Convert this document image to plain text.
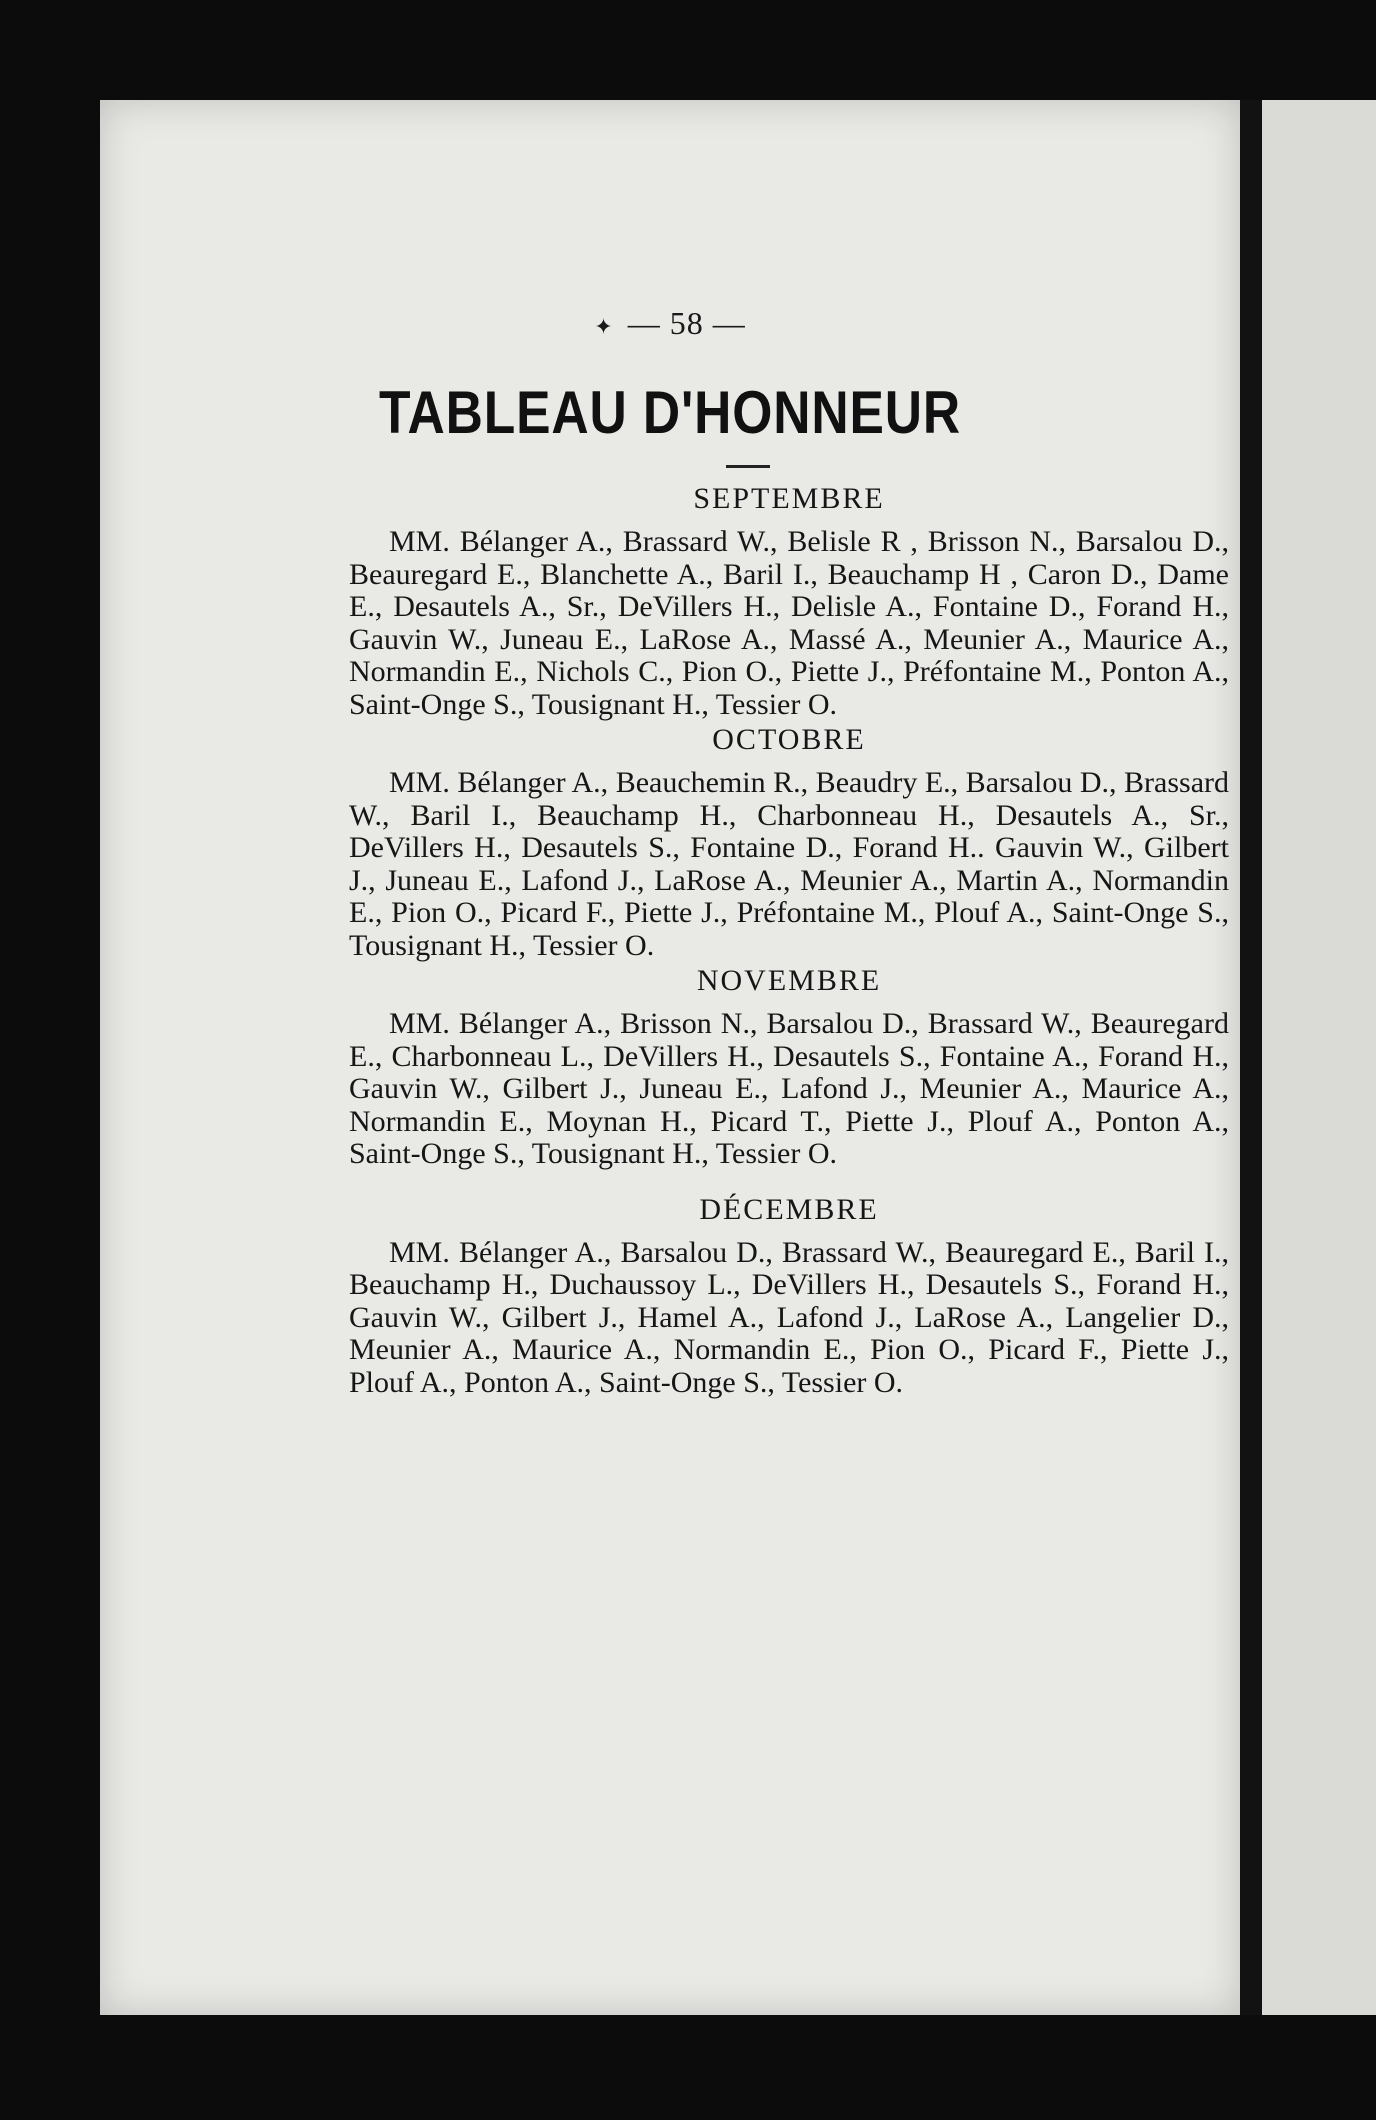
✦ — 58 —
TABLEAU D'HONNEUR

SEPTEMBRE

MM. Bélanger A., Brassard W., Belisle R , Brisson N., Barsalou D., Beauregard E., Blanchette A., Baril I., Beauchamp H , Caron D., Dame E., Desautels A., Sr., DeVillers H., Delisle A., Fontaine D., Forand H., Gauvin W., Juneau E., LaRose A., Massé A., Meunier A., Maurice A., Normandin E., Nichols C., Pion O., Piette J., Préfontaine M., Ponton A., Saint-Onge S., Tousignant H., Tessier O.

OCTOBRE

MM. Bélanger A., Beauchemin R., Beaudry E., Barsalou D., Brassard W., Baril I., Beauchamp H., Charbonneau H., Desautels A., Sr., DeVillers H., Desautels S., Fontaine D., Forand H.. Gauvin W., Gilbert J., Juneau E., Lafond J., LaRose A., Meunier A., Martin A., Normandin E., Pion O., Picard F., Piette J., Préfontaine M., Plouf A., Saint-Onge S., Tousignant H., Tessier O.

NOVEMBRE

MM. Bélanger A., Brisson N., Barsalou D., Brassard W., Beauregard E., Charbonneau L., DeVillers H., Desautels S., Fontaine A., Forand H., Gauvin W., Gilbert J., Juneau E., Lafond J., Meunier A., Maurice A., Normandin E., Moynan H., Picard T., Piette J., Plouf A., Ponton A., Saint-Onge S., Tousignant H., Tessier O.

DÉCEMBRE

MM. Bélanger A., Barsalou D., Brassard W., Beauregard E., Baril I., Beauchamp H., Duchaussoy L., DeVillers H., Desautels S., Forand H., Gauvin W., Gilbert J., Hamel A., Lafond J., LaRose A., Langelier D., Meunier A., Maurice A., Normandin E., Pion O., Picard F., Piette J., Plouf A., Ponton A., Saint-Onge S., Tessier O.
